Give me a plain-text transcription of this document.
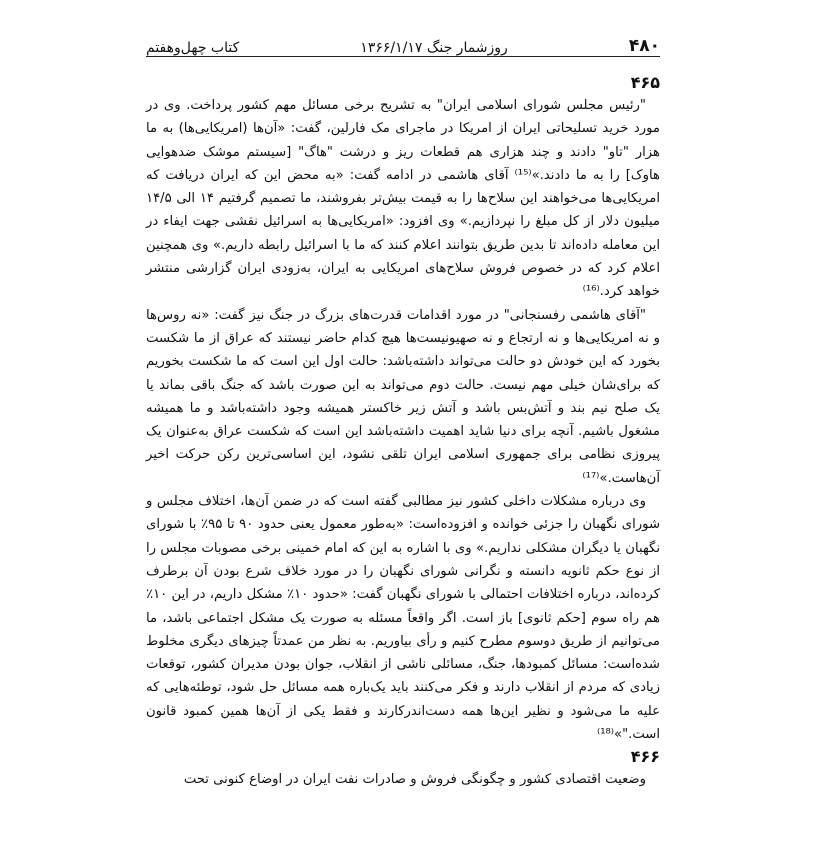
۴۸۰
روزشمار جنگ ۱۳۶۶/۱/۱۷
کتاب چهل‌وهفتم

۴۶۵

"رئیس مجلس شورای اسلامی ایران" به تشریح برخی مسائل مهم کشور پرداخت. وی در مورد خرید تسلیحاتی ایران از امریکا در ماجرای مک فارلین، گفت: «آن‌ها (امریکایی‌ها) به ما هزار "تاو" دادند و چند هزاری هم قطعات ریز و درشت "هاگ" [سیستم موشک ضدهوایی هاوک] را به ما دادند.»⁽¹⁵⁾ آقای هاشمی در ادامه گفت: «به محض این که ایران دریافت که امریکایی‌ها می‌خواهند این سلاح‌ها را به قیمت بیش‌تر بفروشند، ما تصمیم گرفتیم ۱۴ الی ۱۴/۵ میلیون دلار از کل مبلغ را نپردازیم.» وی افزود: «امریکایی‌ها به اسرائیل نقشی جهت ایفاء در این معامله داده‌اند تا بدین طریق بتوانند اعلام کنند که ما با اسرائیل رابطه داریم.» وی همچنین اعلام کرد که در خصوص فروش سلاح‌های امریکایی به ایران، به‌زودی ایران گزارشی منتشر خواهد کرد.⁽¹⁶⁾

"آقای هاشمی رفسنجانی" در مورد اقدامات قدرت‌های بزرگ در جنگ نیز گفت: «نه روس‌ها و نه امریکایی‌ها و نه ارتجاع و نه صهیونیست‌ها هیچ کدام حاضر نیستند که عراق از ما شکست بخورد که این خودش دو حالت می‌تواند داشته‌باشد: حالت اول این است که ما شکست بخوریم که برای‌شان خیلی مهم نیست. حالت دوم می‌تواند به این صورت باشد که جنگ باقی بماند یا یک صلح نیم بند و آتش‌بس باشد و آتش زیر خاکستر همیشه وجود داشته‌باشد و ما همیشه مشغول باشیم. آنچه برای دنیا شاید اهمیت داشته‌باشد این است که شکست عراق به‌عنوان یک پیروزی نظامی برای جمهوری اسلامی ایران تلقی نشود، این اساسی‌ترین رکن حرکت اخیر آن‌هاست.»⁽¹⁷⁾

وی درباره مشکلات داخلی کشور نیز مطالبی گفته است که در ضمن آن‌ها، اختلاف مجلس و شورای نگهبان را جزئی خوانده و افزوده‌است: «به‌طور معمول یعنی حدود ۹۰ تا ۹۵٪ با شورای نگهبان یا دیگران مشکلی نداریم.» وی با اشاره به این که امام خمینی برخی مصوبات مجلس را از نوع حکم ثانویه دانسته و نگرانی شورای نگهبان را در مورد خلاف شرع بودن آن برطرف کرده‌اند، درباره اختلافات احتمالی با شورای نگهبان گفت: «حدود ۱۰٪ مشکل داریم، در این ۱۰٪ هم راه سوم [حکم ثانوی] باز است. اگر واقعاً مسئله به صورت یک مشکل اجتماعی باشد، ما می‌توانیم از طریق دوسوم مطرح کنیم و رأی بیاوریم. به نظر من عمدتاً چیزهای دیگری مخلوط شده‌است: مسائل کمبودها، جنگ، مسائلی ناشی از انقلاب، جوان بودن مدیران کشور، توقعات زیادی که مردم از انقلاب دارند و فکر می‌کنند باید یک‌باره همه مسائل حل شود، توطئه‌هایی که علیه ما می‌شود و نظیر این‌ها همه دست‌اندرکارند و فقط یکی از آن‌ها همین کمبود قانون است."»⁽¹⁸⁾

۴۶۶

وضعیت اقتصادی کشور و چگونگی فروش و صادرات نفت ایران در اوضاع کنونی تحت
